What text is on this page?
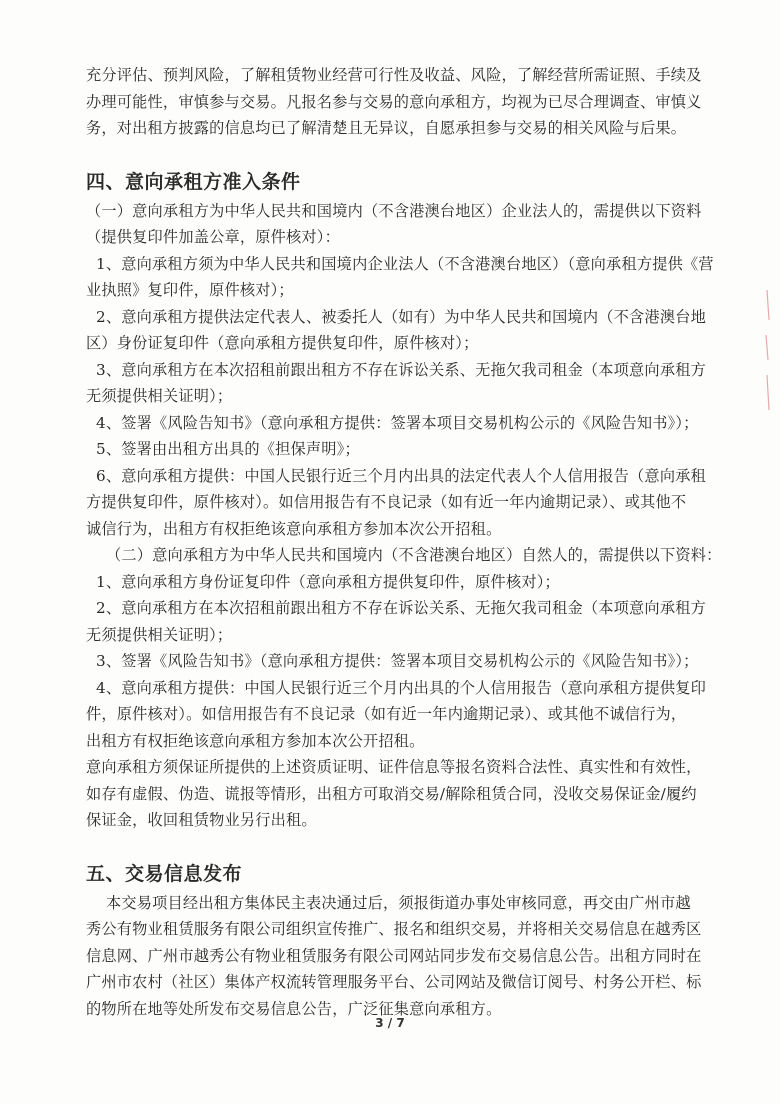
充分评估、预判风险，了解租赁物业经营可行性及收益、风险，了解经营所需证照、手续及
办理可能性，审慎参与交易。凡报名参与交易的意向承租方，均视为已尽合理调查、审慎义
务，对出租方披露的信息均已了解清楚且无异议，自愿承担参与交易的相关风险与后果。
四、意向承租方准入条件
（一）意向承租方为中华人民共和国境内（不含港澳台地区）企业法人的，需提供以下资料
（提供复印件加盖公章，原件核对）：
1、意向承租方须为中华人民共和国境内企业法人（不含港澳台地区）（意向承租方提供《营
业执照》复印件，原件核对）；
2、意向承租方提供法定代表人、被委托人（如有）为中华人民共和国境内（不含港澳台地
区）身份证复印件（意向承租方提供复印件，原件核对）；
3、意向承租方在本次招租前跟出租方不存在诉讼关系、无拖欠我司租金（本项意向承租方
无须提供相关证明）；
4、签署《风险告知书》（意向承租方提供：签署本项目交易机构公示的《风险告知书》）；
5、签署由出租方出具的《担保声明》；
6、意向承租方提供：中国人民银行近三个月内出具的法定代表人个人信用报告（意向承租
方提供复印件，原件核对）。如信用报告有不良记录（如有近一年内逾期记录）、或其他不
诚信行为，出租方有权拒绝该意向承租方参加本次公开招租。
（二）意向承租方为中华人民共和国境内（不含港澳台地区）自然人的，需提供以下资料：
1、意向承租方身份证复印件（意向承租方提供复印件，原件核对）；
2、意向承租方在本次招租前跟出租方不存在诉讼关系、无拖欠我司租金（本项意向承租方
无须提供相关证明）；
3、签署《风险告知书》（意向承租方提供：签署本项目交易机构公示的《风险告知书》）；
4、意向承租方提供：中国人民银行近三个月内出具的个人信用报告（意向承租方提供复印
件，原件核对）。如信用报告有不良记录（如有近一年内逾期记录）、或其他不诚信行为，
出租方有权拒绝该意向承租方参加本次公开招租。
意向承租方须保证所提供的上述资质证明、证件信息等报名资料合法性、真实性和有效性，
如存有虚假、伪造、谎报等情形，出租方可取消交易/解除租赁合同，没收交易保证金/履约
保证金，收回租赁物业另行出租。
五、交易信息发布
本交易项目经出租方集体民主表决通过后，须报街道办事处审核同意，再交由广州市越
秀公有物业租赁服务有限公司组织宣传推广、报名和组织交易，并将相关交易信息在越秀区
信息网、广州市越秀公有物业租赁服务有限公司网站同步发布交易信息公告。出租方同时在
广州市农村（社区）集体产权流转管理服务平台、公司网站及微信订阅号、村务公开栏、标
的物所在地等处所发布交易信息公告，广泛征集意向承租方。
3 / 7
